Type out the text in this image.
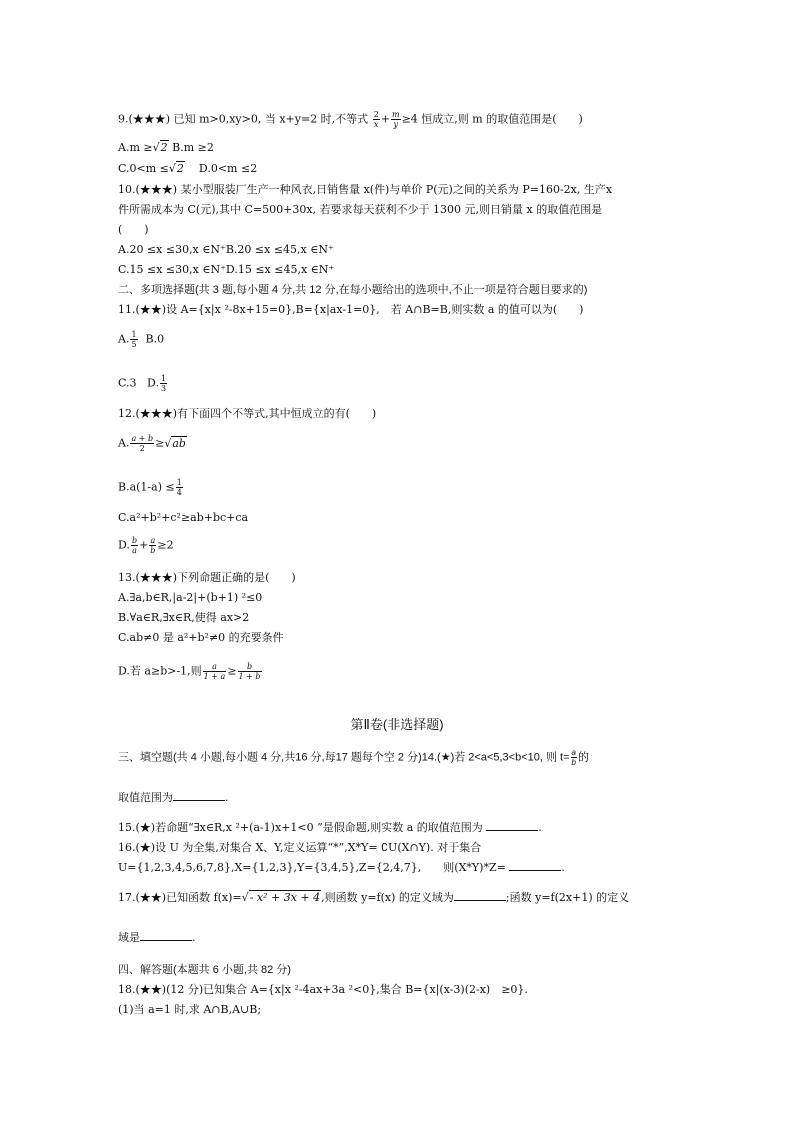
9.(★★★) 已知 m>0,xy>0, 当 x+y=2 时,不等式 $\frac{2}{x} + \frac{m}{y} \ge 4$ 恒成立,则 m 的取值范围是(　　)
A.m ≥√2 B.m ≥2
C.0<m ≤√2 D.0<m ≤2
10.(★★★) 某小型服装厂生产一种风衣,日销售量 x(件)与单价 P(元)之间的关系为 P=160-2x, 生产x
件所需成本为 C(元),其中 C=500+30x, 若要求每天获利不少于 1300 元,则日销量 x 的取值范围是
(　　)
A.20 ≤x ≤30,x ∈N⁺B.20 ≤x ≤45,x ∈N⁺
C.15 ≤x ≤30,x ∈N⁺D.15 ≤x ≤45,x ∈N⁺
二、多项选择题(共 3 题,每小题 4 分,共 12 分,在每小题给出的选项中,不止一项是符合题目要求的)
11.(★★)设 A={x|x ²-8x+15=0},B={x|ax-1=0},　若 A∩B=B,则实数 a 的值可以为(　　)
A. $\frac{1}{5} B.0$
C.3 D. $\frac{1}{3}$
12.(★★★)有下面四个不等式,其中恒成立的有(　　)
A. $\frac{a + b}{2} \ge√ab$
$B.a(1-a) \le \frac{1}{4}$
C.a²+b²+c²≥ab+bc+ca
D. $\frac{b}{a} + \frac{a}{b} \ge 2$
13.(★★★)下列命题正确的是(　　)
A.∃a,b∈R,|a-2|+(b+1) ²≤0
B.∀a∈R,∃x∈R,使得 ax>2
C.ab≠0 是 a²+b²≠0 的充要条件
D.若 a≥b>-1,则 $\frac{a}{1 + a} \ge \frac{b}{1 + b}$
第Ⅱ卷(非选择题)
三、填空题(共 4 小题,每小题 4 分,共16 分,每17 题每个空 2 分)14.(★)若 2<a<5,3<b<10, 则 $t= \frac{a}{b}$ 的
取值范围为	.
15.(★)若命题“∃x∈R,x ²+(a-1)x+1<0 ”是假命题,则实数 a 的取值范围为	.
16.(★)设 U 为全集,对集合 X、Y,定义运算“*”,X*Y= ∁U(X∩Y). 对于集合
U={1,2,3,4,5,6,7,8},X={1,2,3},Y={3,4,5},Z={2,4,7},　　则(X*Y)*Z=	.
17.(★★)已知函数 f(x)=√- x² + 3x + 4,则函数 y=f(x) 的定义域为	;函数 y=f(2x+1) 的定义
域是	.
四、解答题(本题共 6 小题,共 82 分)
18.(★★)(12 分)已知集合 A={x|x ²-4ax+3a ²<0},集合 B={x|(x-3)(2-x)　≥0}.
(1)当 a=1 时,求 A∩B,A∪B;
